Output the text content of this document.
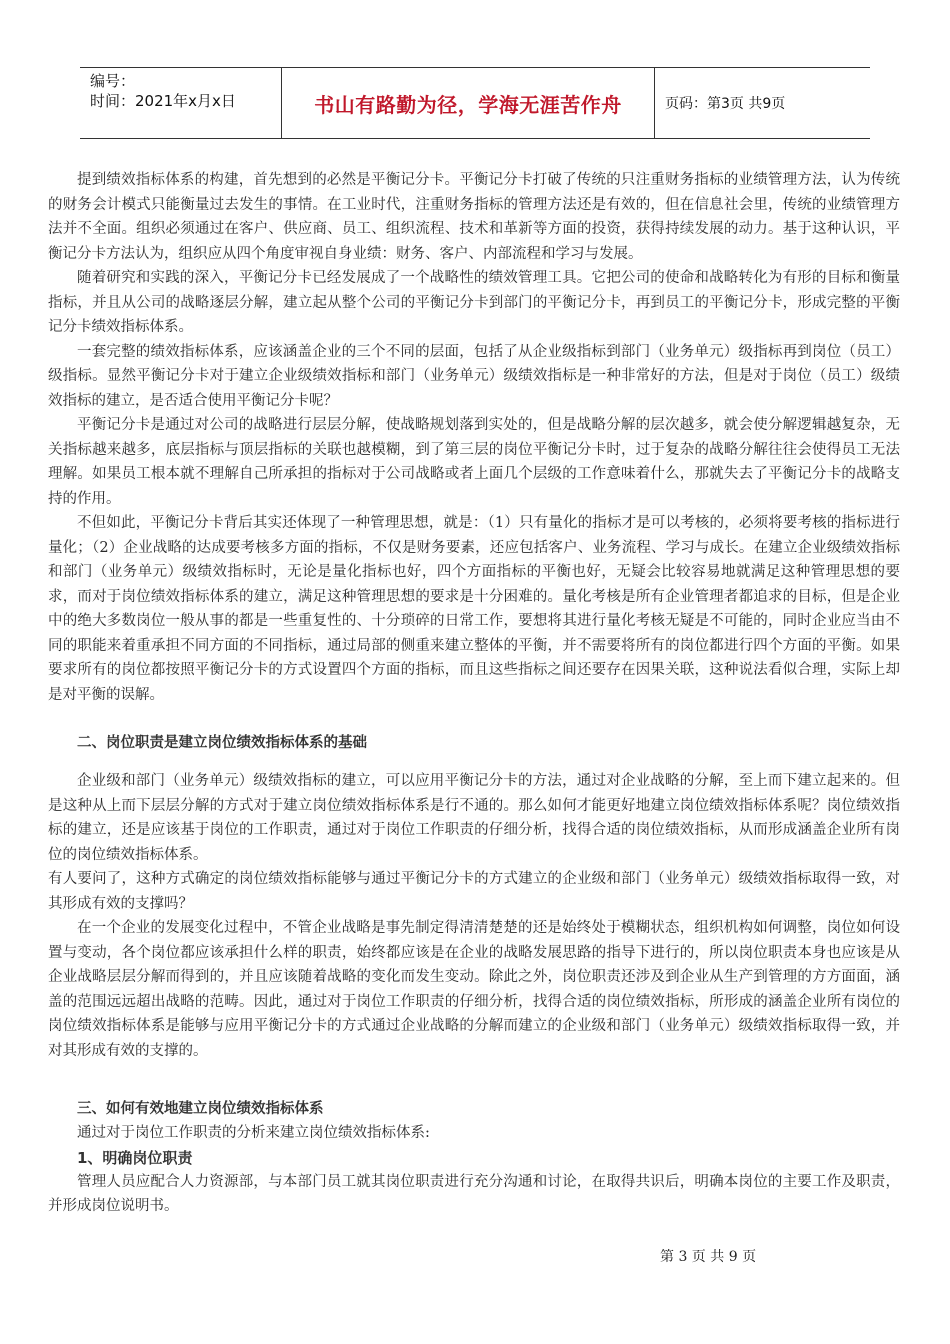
编号：
时间：2021年x月x日	书山有路勤为径，学海无涯苦作舟	页码：第3页 共9页

提到绩效指标体系的构建，首先想到的必然是平衡记分卡。平衡记分卡打破了传统的只注重财务指标的业绩管理方法，认为传统的财务会计模式只能衡量过去发生的事情。在工业时代，注重财务指标的管理方法还是有效的，但在信息社会里，传统的业绩管理方法并不全面。组织必须通过在客户、供应商、员工、组织流程、技术和革新等方面的投资，获得持续发展的动力。基于这种认识，平衡记分卡方法认为，组织应从四个角度审视自身业绩：财务、客户、内部流程和学习与发展。

随着研究和实践的深入，平衡记分卡已经发展成了一个战略性的绩效管理工具。它把公司的使命和战略转化为有形的目标和衡量指标，并且从公司的战略逐层分解，建立起从整个公司的平衡记分卡到部门的平衡记分卡，再到员工的平衡记分卡，形成完整的平衡记分卡绩效指标体系。

一套完整的绩效指标体系，应该涵盖企业的三个不同的层面，包括了从企业级指标到部门（业务单元）级指标再到岗位（员工）级指标。显然平衡记分卡对于建立企业级绩效指标和部门（业务单元）级绩效指标是一种非常好的方法，但是对于岗位（员工）级绩效指标的建立，是否适合使用平衡记分卡呢？

平衡记分卡是通过对公司的战略进行层层分解，使战略规划落到实处的，但是战略分解的层次越多，就会使分解逻辑越复杂，无关指标越来越多，底层指标与顶层指标的关联也越模糊，到了第三层的岗位平衡记分卡时，过于复杂的战略分解往往会使得员工无法理解。如果员工根本就不理解自己所承担的指标对于公司战略或者上面几个层级的工作意味着什么，那就失去了平衡记分卡的战略支持的作用。

不但如此，平衡记分卡背后其实还体现了一种管理思想，就是：（1）只有量化的指标才是可以考核的，必须将要考核的指标进行量化；（2）企业战略的达成要考核多方面的指标，不仅是财务要素，还应包括客户、业务流程、学习与成长。在建立企业级绩效指标和部门（业务单元）级绩效指标时，无论是量化指标也好，四个方面指标的平衡也好，无疑会比较容易地就满足这种管理思想的要求，而对于岗位绩效指标体系的建立，满足这种管理思想的要求是十分困难的。量化考核是所有企业管理者都追求的目标，但是企业中的绝大多数岗位一般从事的都是一些重复性的、十分琐碎的日常工作，要想将其进行量化考核无疑是不可能的，同时企业应当由不同的职能来着重承担不同方面的不同指标，通过局部的侧重来建立整体的平衡，并不需要将所有的岗位都进行四个方面的平衡。如果要求所有的岗位都按照平衡记分卡的方式设置四个方面的指标，而且这些指标之间还要存在因果关联，这种说法看似合理，实际上却是对平衡的误解。

二、岗位职责是建立岗位绩效指标体系的基础

企业级和部门（业务单元）级绩效指标的建立，可以应用平衡记分卡的方法，通过对企业战略的分解，至上而下建立起来的。但是这种从上而下层层分解的方式对于建立岗位绩效指标体系是行不通的。那么如何才能更好地建立岗位绩效指标体系呢？岗位绩效指标的建立，还是应该基于岗位的工作职责，通过对于岗位工作职责的仔细分析，找得合适的岗位绩效指标，从而形成涵盖企业所有岗位的岗位绩效指标体系。

有人要问了，这种方式确定的岗位绩效指标能够与通过平衡记分卡的方式建立的企业级和部门（业务单元）级绩效指标取得一致，对其形成有效的支撑吗？

在一个企业的发展变化过程中，不管企业战略是事先制定得清清楚楚的还是始终处于模糊状态，组织机构如何调整，岗位如何设置与变动，各个岗位都应该承担什么样的职责，始终都应该是在企业的战略发展思路的指导下进行的，所以岗位职责本身也应该是从企业战略层层分解而得到的，并且应该随着战略的变化而发生变动。除此之外，岗位职责还涉及到企业从生产到管理的方方面面，涵盖的范围远远超出战略的范畴。因此，通过对于岗位工作职责的仔细分析，找得合适的岗位绩效指标，所形成的涵盖企业所有岗位的岗位绩效指标体系是能够与应用平衡记分卡的方式通过企业战略的分解而建立的企业级和部门（业务单元）级绩效指标取得一致，并对其形成有效的支撑的。

三、如何有效地建立岗位绩效指标体系

通过对于岗位工作职责的分析来建立岗位绩效指标体系:

1、明确岗位职责

管理人员应配合人力资源部，与本部门员工就其岗位职责进行充分沟通和讨论，在取得共识后，明确本岗位的主要工作及职责，并形成岗位说明书。

第 3 页 共 9 页
